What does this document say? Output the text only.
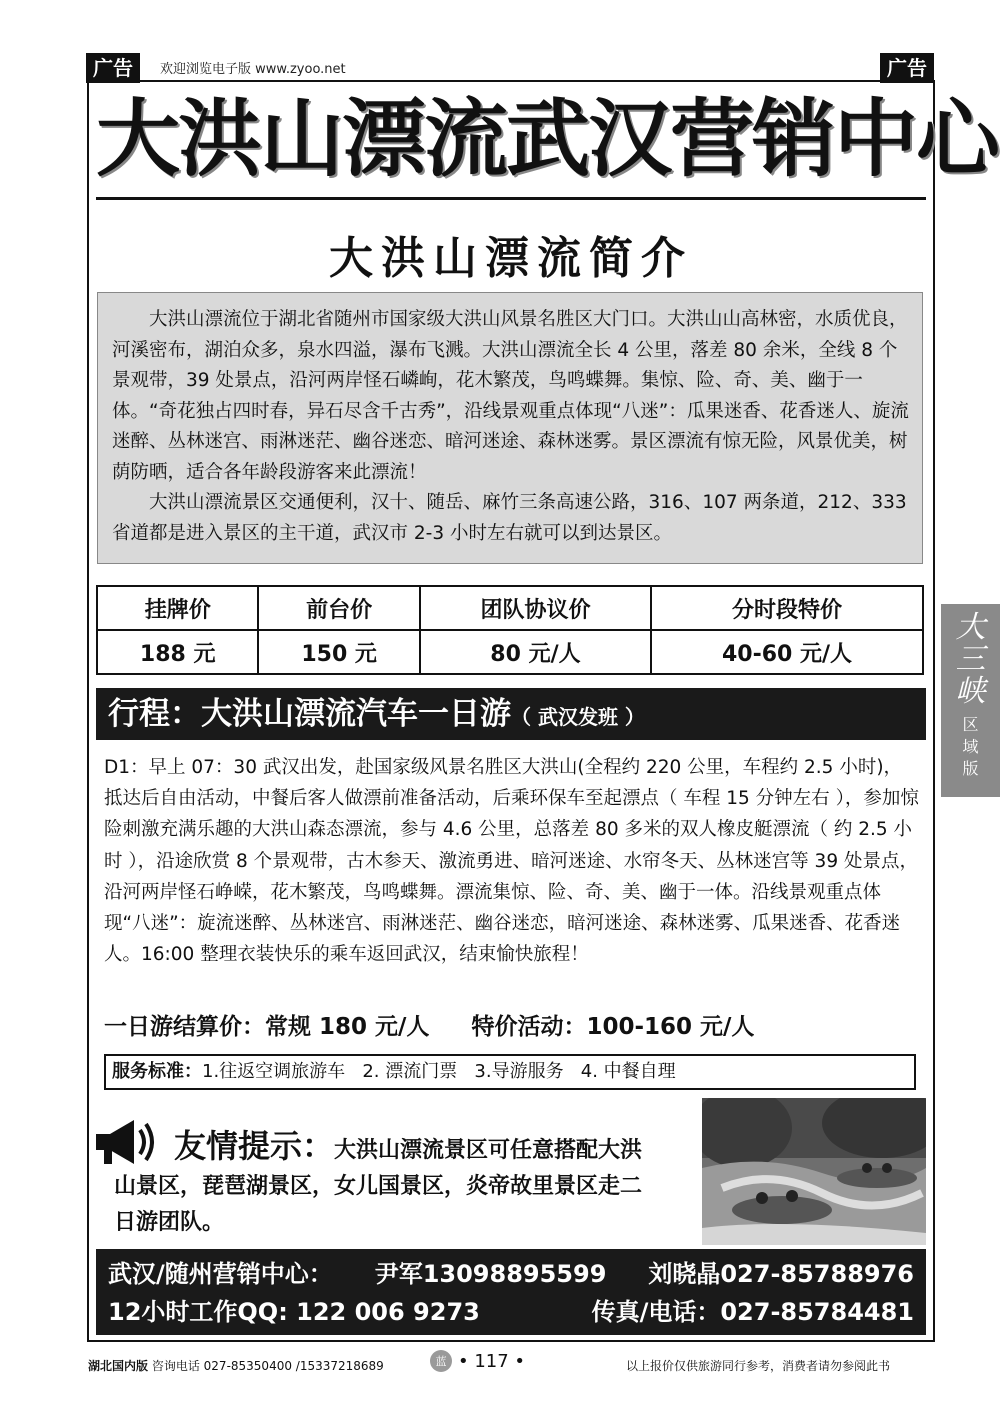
广告	欢迎浏览电子版 www.zyoo.net	广告
大洪山漂流武汉营销中心
大洪山漂流简介

大洪山漂流位于湖北省随州市国家级大洪山风景名胜区大门口。大洪山山高林密，水质优良，河溪密布，湖泊众多，泉水四溢，瀑布飞溅。大洪山漂流全长 4 公里，落差 80 余米，全线 8 个景观带，39 处景点，沿河两岸怪石嶙峋，花木繁茂，鸟鸣蝶舞。集惊、险、奇、美、幽于一体。“奇花独占四时春，异石尽含千古秀”，沿线景观重点体现“八迷”：瓜果迷香、花香迷人、旋流迷醉、丛林迷宫、雨淋迷茫、幽谷迷恋、暗河迷途、森林迷雾。景区漂流有惊无险，风景优美，树荫防晒，适合各年龄段游客来此漂流！

大洪山漂流景区交通便利，汉十、随岳、麻竹三条高速公路，316、107 两条道，212、333 省道都是进入景区的主干道，武汉市 2-3 小时左右就可以到达景区。

挂牌价	前台价	团队协议价	分时段特价
188 元	150 元	80 元/人	40-60 元/人
行程：大洪山漂流汽车一日游（ 武汉发班 ）
D1：早上 07：30 武汉出发，赴国家级风景名胜区大洪山(全程约 220 公里，车程约 2.5 小时)，抵达后自由活动，中餐后客人做漂前准备活动，后乘环保车至起漂点（ 车程 15 分钟左右 ），参加惊险刺激充满乐趣的大洪山森态漂流，参与 4.6 公里，总落差 80 多米的双人橡皮艇漂流（ 约 2.5 小时 ），沿途欣赏 8 个景观带，古木参天、激流勇进、暗河迷途、水帘冬天、丛林迷宫等 39 处景点，沿河两岸怪石峥嵘，花木繁茂，鸟鸣蝶舞。漂流集惊、险、奇、美、幽于一体。沿线景观重点体现“八迷”：旋流迷醉、丛林迷宫、雨淋迷茫、幽谷迷恋，暗河迷途、森林迷雾、瓜果迷香、花香迷人。16:00 整理衣装快乐的乘车返回武汉，结束愉快旅程！
一日游结算价：常规 180 元/人 特价活动：100-160 元/人
服务标准：1.往返空调旅游车   2. 漂流门票   3.导游服务   4. 中餐自理
友情提示：大洪山漂流景区可任意搭配大洪山景区，琵琶湖景区，女儿国景区，炎帝故里景区走二日游团队。
武汉/随州营销中心： 尹军13098895599 刘晓晶027-85788976
12小时工作QQ: 122 006 9273	传真/电话：027-85784481
大
三
峡
区
域
版
湖北国内版 咨询电话 027-85350400 /15337218689	蓝 • 117 •	以上报价仅供旅游同行参考，消费者请勿参阅此书
